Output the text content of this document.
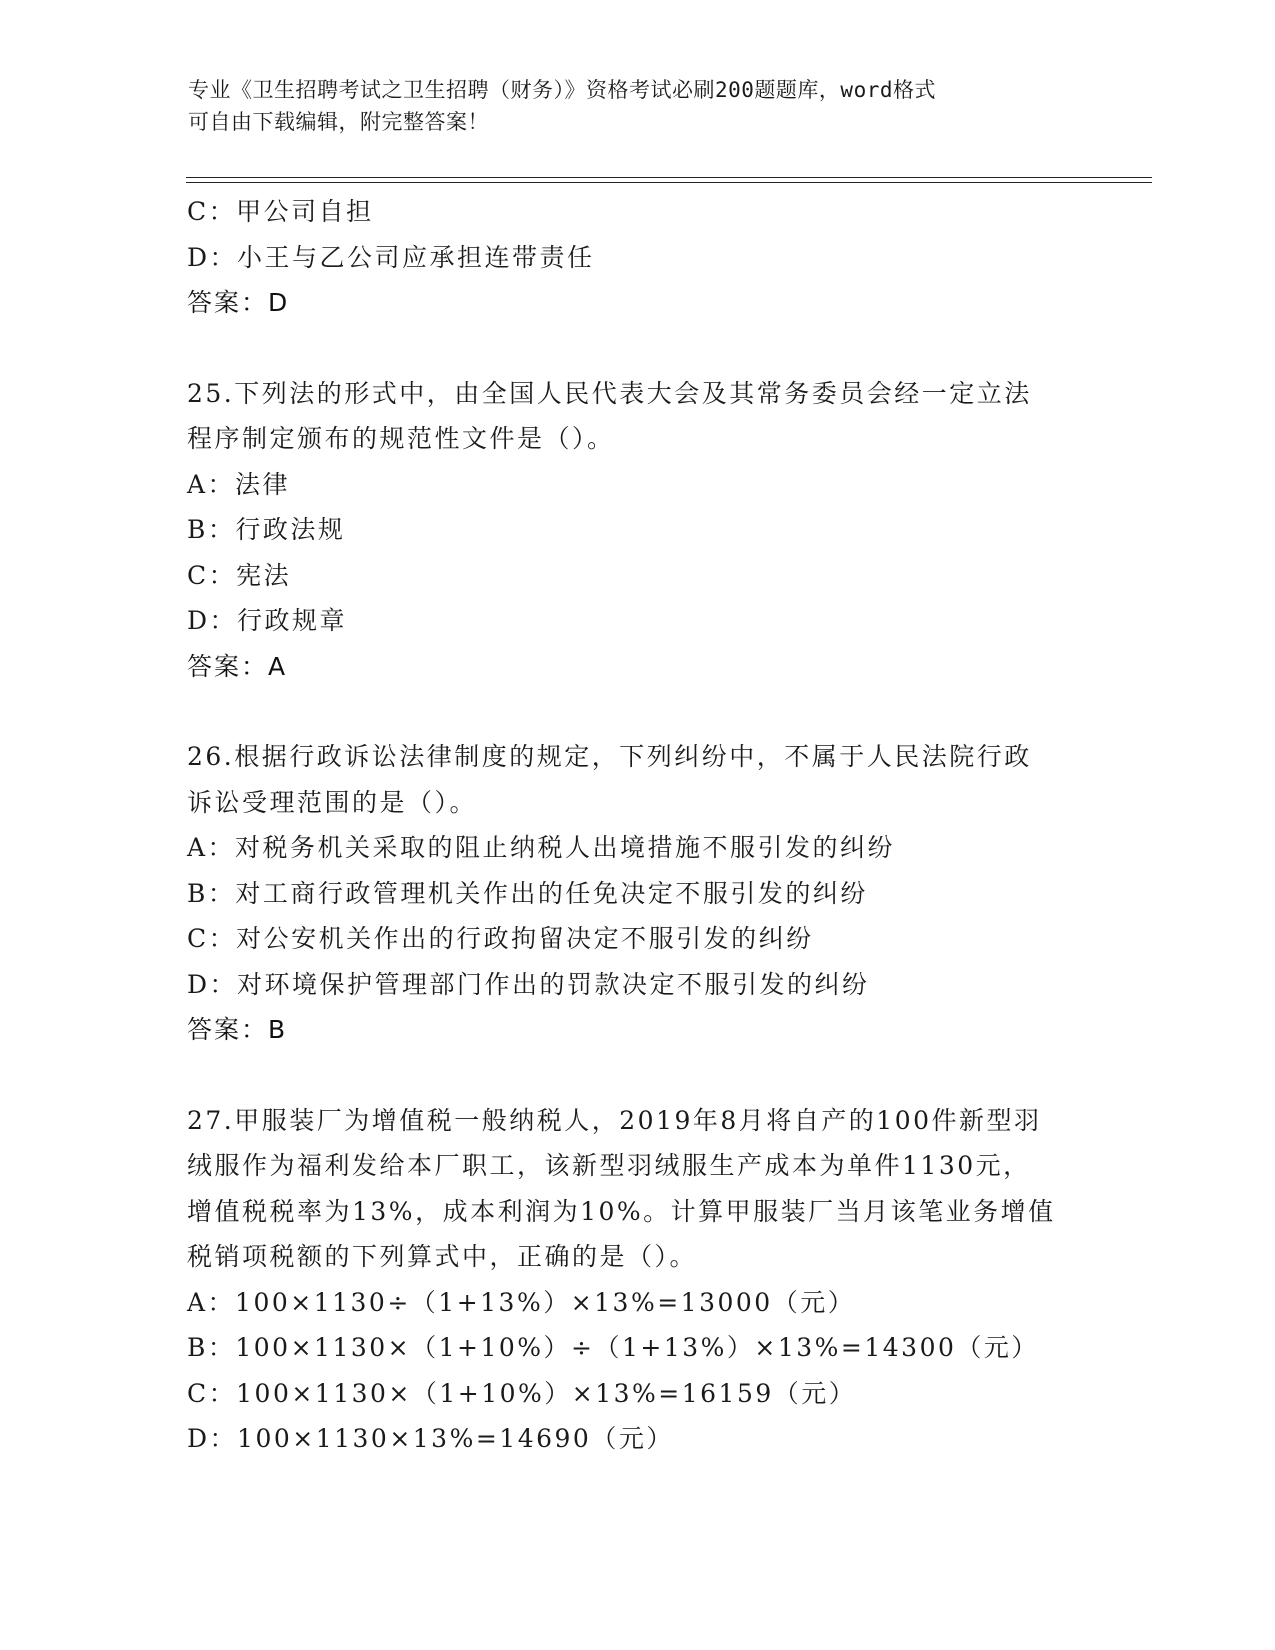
专业《卫生招聘考试之卫生招聘（财务）》资格考试必刷200题题库，word格式
可自由下载编辑，附完整答案！
C：甲公司自担
D：小王与乙公司应承担连带责任
答案：D
25.下列法的形式中，由全国人民代表大会及其常务委员会经一定立法
程序制定颁布的规范性文件是（）。
A：法律
B：行政法规
C：宪法
D：行政规章
答案：A
26.根据行政诉讼法律制度的规定，下列纠纷中，不属于人民法院行政
诉讼受理范围的是（）。
A：对税务机关采取的阻止纳税人出境措施不服引发的纠纷
B：对工商行政管理机关作出的任免决定不服引发的纠纷
C：对公安机关作出的行政拘留决定不服引发的纠纷
D：对环境保护管理部门作出的罚款决定不服引发的纠纷
答案：B
27.甲服装厂为增值税一般纳税人，2019年8月将自产的100件新型羽
绒服作为福利发给本厂职工，该新型羽绒服生产成本为单件1130元，
增值税税率为13%，成本利润为10%。计算甲服装厂当月该笔业务增值
税销项税额的下列算式中，正确的是（）。
A：100×1130÷（1+13%）×13%=13000（元）
B：100×1130×（1+10%）÷（1+13%）×13%=14300（元）
C：100×1130×（1+10%）×13%=16159（元）
D：100×1130×13%=14690（元）
